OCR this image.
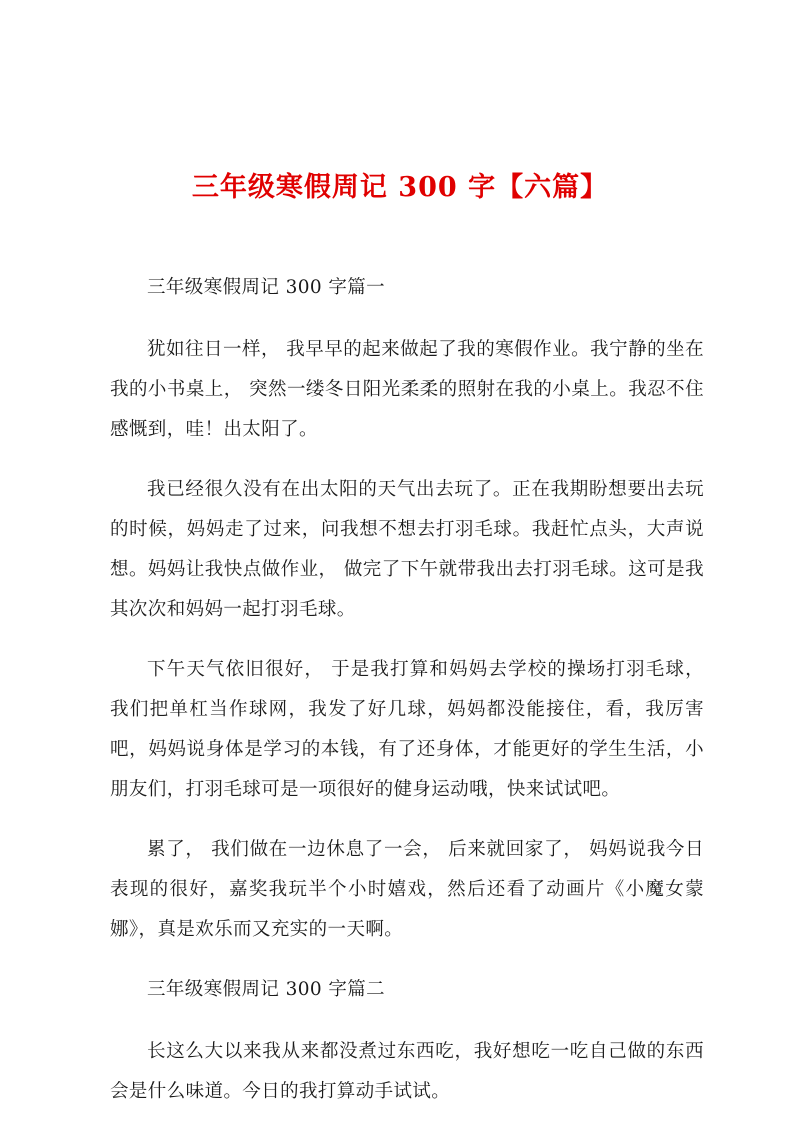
三年级寒假周记 300 字【六篇】

三年级寒假周记 300 字篇一

犹如往日一样， 我早早的起来做起了我的寒假作业。我宁静的坐在我的小书桌上， 突然一缕冬日阳光柔柔的照射在我的小桌上。我忍不住感慨到，哇！出太阳了。

我已经很久没有在出太阳的天气出去玩了。正在我期盼想要出去玩的时候，妈妈走了过来，问我想不想去打羽毛球。我赶忙点头，大声说想。妈妈让我快点做作业， 做完了下午就带我出去打羽毛球。这可是我其次次和妈妈一起打羽毛球。

下午天气依旧很好， 于是我打算和妈妈去学校的操场打羽毛球， 我们把单杠当作球网，我发了好几球，妈妈都没能接住，看，我厉害吧，妈妈说身体是学习的本钱，有了还身体，才能更好的学生生活，小朋友们，打羽毛球可是一项很好的健身运动哦，快来试试吧。

累了， 我们做在一边休息了一会， 后来就回家了， 妈妈说我今日表现的很好，嘉奖我玩半个小时嬉戏，然后还看了动画片《小魔女蒙娜》，真是欢乐而又充实的一天啊。

三年级寒假周记 300 字篇二

长这么大以来我从来都没煮过东西吃，我好想吃一吃自己做的东西会是什么味道。今日的我打算动手试试。
